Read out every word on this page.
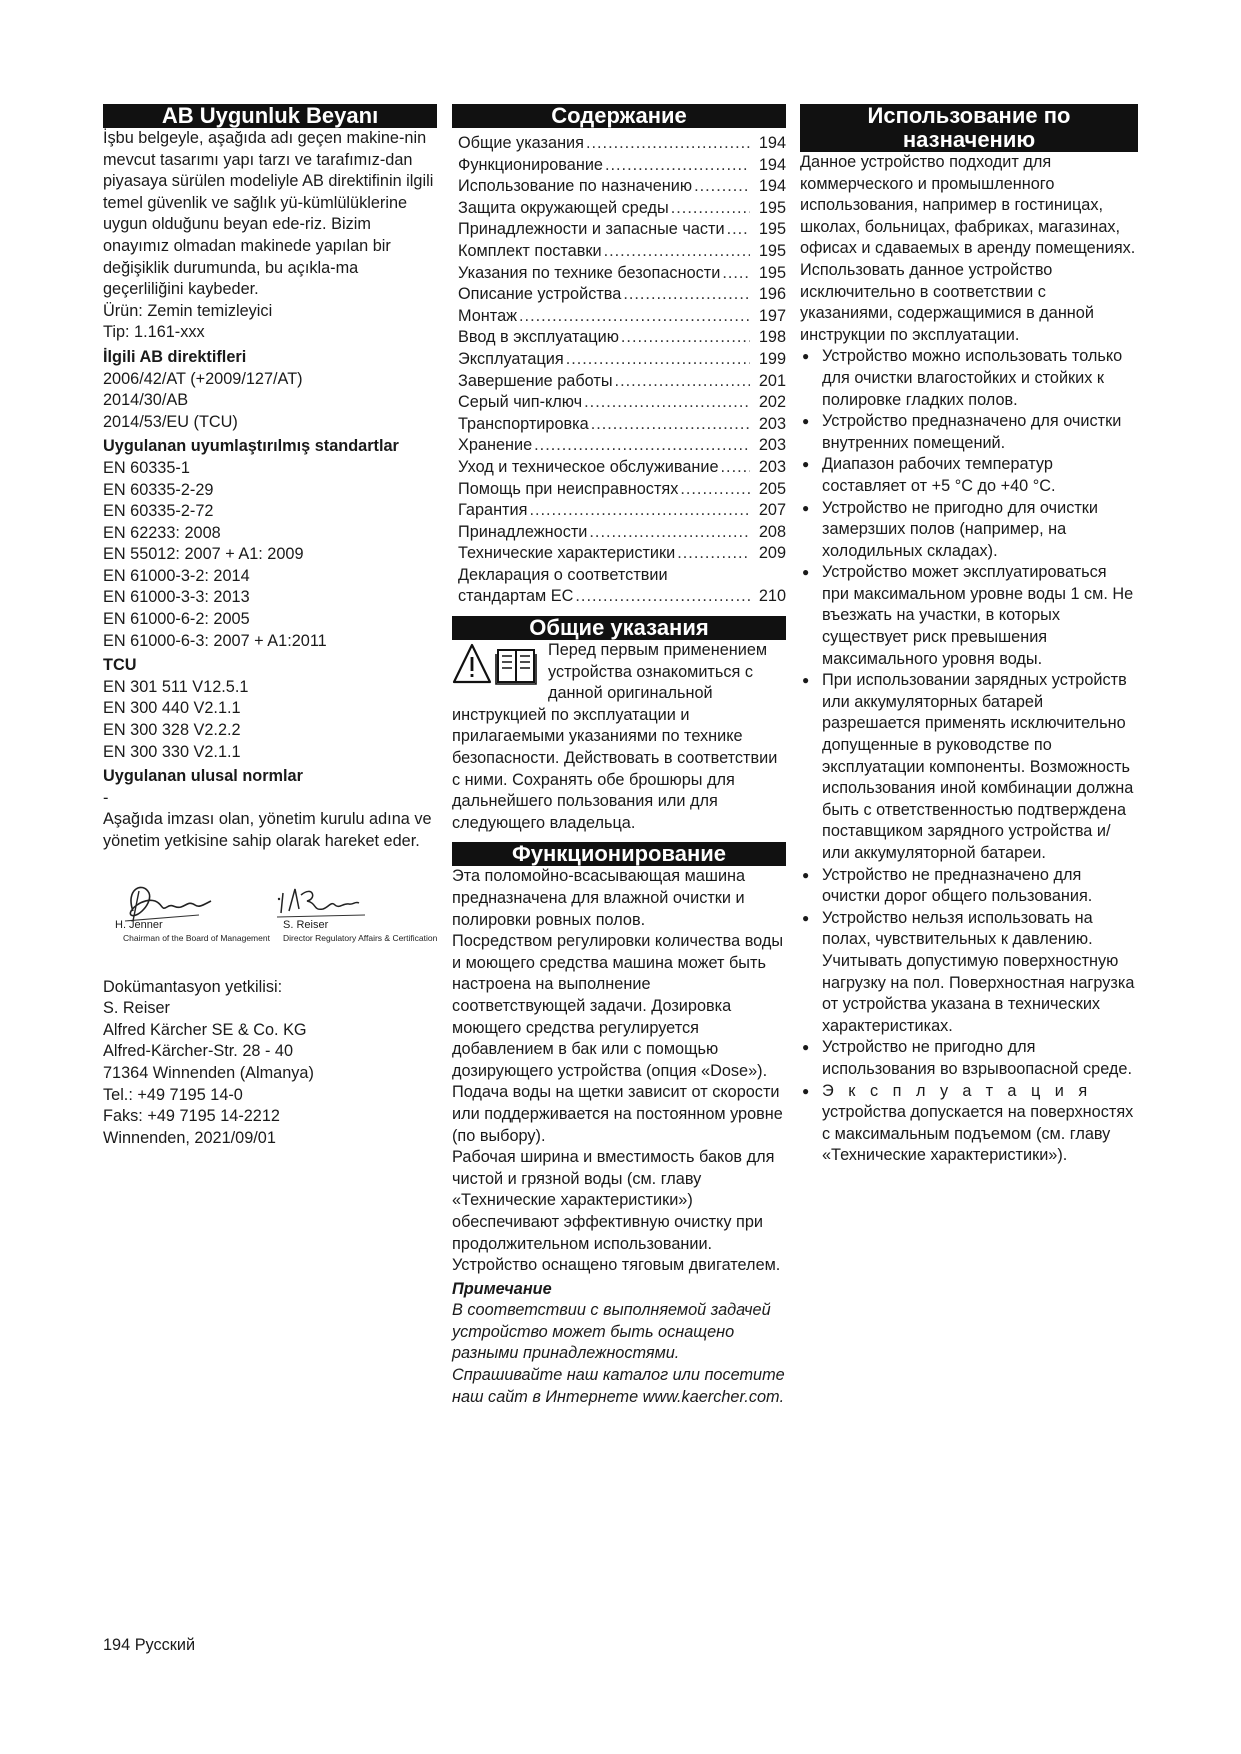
AB Uygunluk Beyanı

İşbu belgeyle, aşağıda adı geçen makine-nin mevcut tasarımı yapı tarzı ve tarafımız-dan piyasaya sürülen modeliyle AB direktifinin ilgili temel güvenlik ve sağlık yü-kümlülüklerine uygun olduğunu beyan ede-riz. Bizim onayımız olmadan makinede yapılan bir değişiklik durumunda, bu açıkla-ma geçerliliğini kaybeder.

Ürün: Zemin temizleyici

Tip: 1.161-xxx

İlgili AB direktifleri

2006/42/AT (+2009/127/AT)

2014/30/AB

2014/53/EU (TCU)

Uygulanan uyumlaştırılmış standartlar

EN 60335-1

EN 60335-2-29

EN 60335-2-72

EN 62233: 2008

EN 55012: 2007 + A1: 2009

EN 61000-3-2: 2014

EN 61000-3-3: 2013

EN 61000-6-2: 2005

EN 61000-6-3: 2007 + A1:2011

TCU

EN 301 511 V12.5.1

EN 300 440 V2.1.1

EN 300 328 V2.2.2

EN 300 330 V2.1.1

Uygulanan ulusal normlar

-

Aşağıda imzası olan, yönetim kurulu adına ve yönetim yetkisine sahip olarak hareket eder.

H. Jenner
Chairman of the Board of Management
S. Reiser
Director Regulatory Affairs & Certification

Dokümantasyon yetkilisi:

S. Reiser

Alfred Kärcher SE & Co. KG

Alfred-Kärcher-Str. 28 - 40

71364 Winnenden (Almanya)

Tel.: +49 7195 14-0

Faks: +49 7195 14-2212

Winnenden, 2021/09/01

Содержание
Общие указания .....	194
Функционирование .....	194
Использование по назначению .....	194
Защита окружающей среды .....	195
Принадлежности и запасные части .....	195
Комплект поставки .....	195
Указания по технике безопасности .....	195
Описание устройства .....	196
Монтаж .....	197
Ввод в эксплуатацию .....	198
Эксплуатация .....	199
Завершение работы .....	201
Серый чип-ключ .....	202
Транспортировка .....	203
Хранение .....	203
Уход и техническое обслуживание .....	203
Помощь при неисправностях .....	205
Гарантия .....	207
Принадлежности .....	208
Технические характеристики .....	209

Декларация о соответствии

стандартам ЕС .....	210
Общие указания

Перед первым применением устройства ознакомиться с данной оригинальной инструкцией по эксплуатации и прилагаемыми указаниями по технике безопасности. Действовать в соответствии с ними. Сохранять обе брошюры для дальнейшего пользования или для следующего владельца.

Функционирование

Эта поломойно-всасывающая машина предназначена для влажной очистки и полировки ровных полов.

Посредством регулировки количества воды и моющего средства машина может быть настроена на выполнение соответствующей задачи. Дозировка моющего средства регулируется добавлением в бак или с помощью дозирующего устройства (опция «Dose»).

Подача воды на щетки зависит от скорости или поддерживается на постоянном уровне (по выбору).

Рабочая ширина и вместимость баков для чистой и грязной воды (см. главу «Технические характеристики») обеспечивают эффективную очистку при продолжительном использовании.

Устройство оснащено тяговым двигателем.

Примечание

В соответствии с выполняемой задачей устройство может быть оснащено разными принадлежностями. Спрашивайте наш каталог или посетите наш сайт в Интернете www.kaercher.com.

Использование по назначению

Данное устройство подходит для коммерческого и промышленного использования, например в гостиницах, школах, больницах, фабриках, магазинах, офисах и сдаваемых в аренду помещениях. Использовать данное устройство исключительно в соответствии с указаниями, содержащимися в данной инструкции по эксплуатации.

● Устройство можно использовать только для очистки влагостойких и стойких к полировке гладких полов.
● Устройство предназначено для очистки внутренних помещений.
● Диапазон рабочих температур составляет от +5 °C до +40 °C.
● Устройство не пригодно для очистки замерзших полов (например, на холодильных складах).
● Устройство может эксплуатироваться при максимальном уровне воды 1 см. Не въезжать на участки, в которых существует риск превышения максимального уровня воды.
● При использовании зарядных устройств или аккумуляторных батарей разрешается применять исключительно допущенные в руководстве по эксплуатации компоненты. Возможность использования иной комбинации должна быть с ответственностью подтверждена поставщиком зарядного устройства и/или аккумуляторной батареи.
● Устройство не предназначено для очистки дорог общего пользования.
● Устройство нельзя использовать на полах, чувствительных к давлению. Учитывать допустимую поверхностную нагрузку на пол. Поверхностная нагрузка от устройства указана в технических характеристиках.
● Устройство не пригодно для использования во взрывоопасной среде.
● Эксплуатация устройства допускается на поверхностях с максимальным подъемом (см. главу «Технические характеристики»).
194 Русский
